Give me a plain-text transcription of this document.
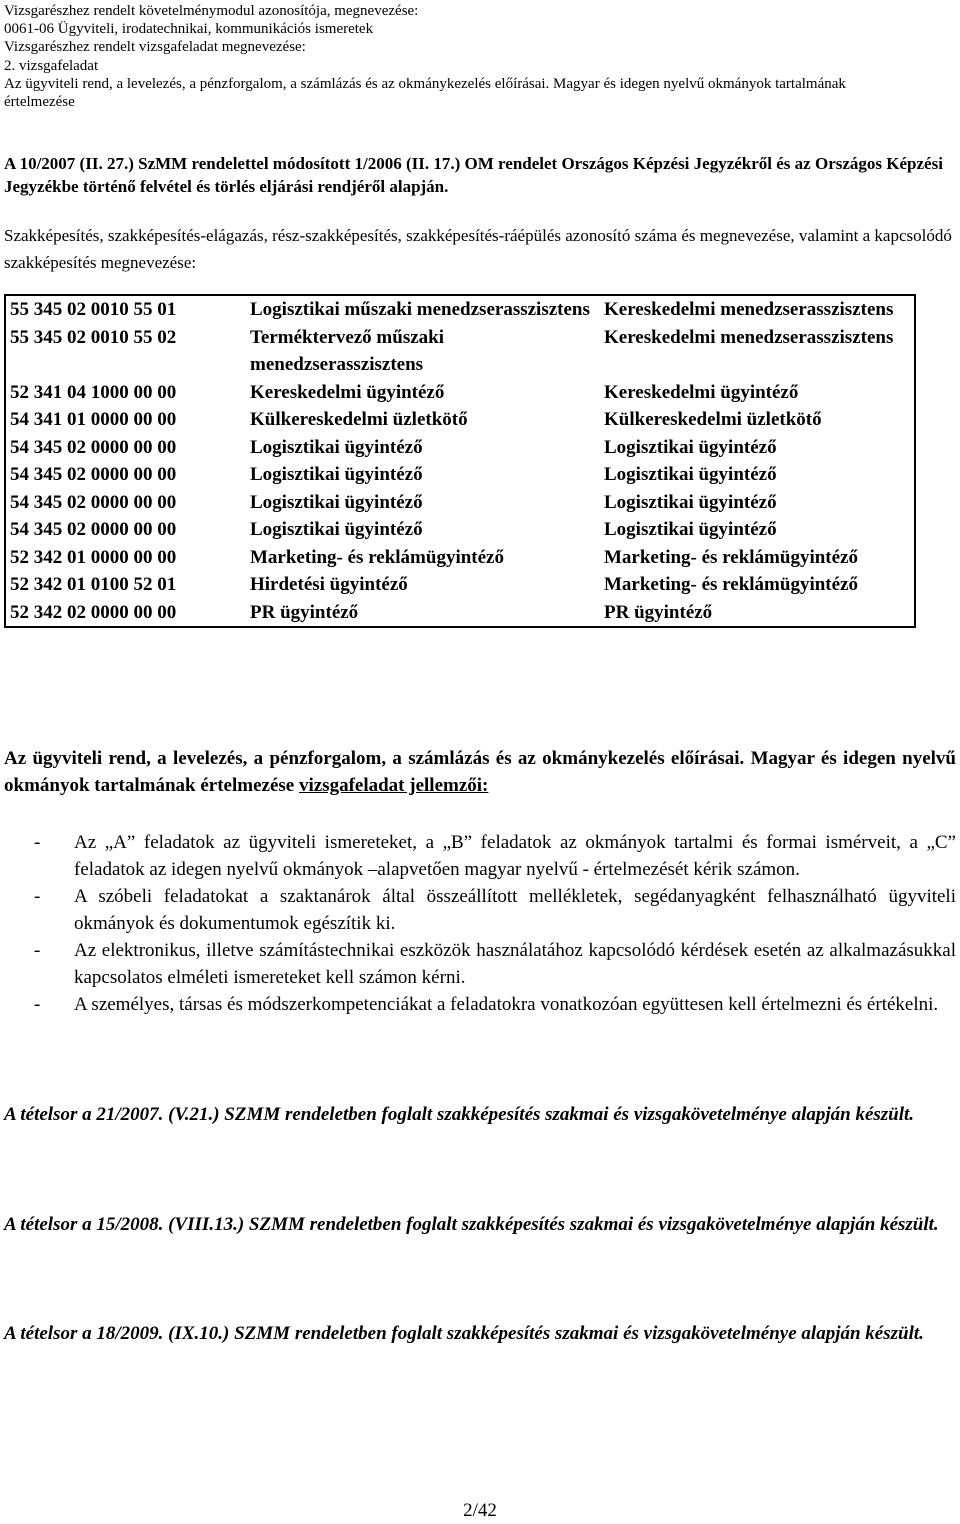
Vizsgarészhez rendelt követelménymodul azonosítója, megnevezése:
0061-06 Ügyviteli, irodatechnikai, kommunikációs ismeretek
Vizsgarészhez rendelt vizsgafeladat megnevezése:
2. vizsgafeladat
Az ügyviteli rend, a levelezés, a pénzforgalom, a számlázás és az okmánykezelés előírásai. Magyar és idegen nyelvű okmányok tartalmának
értelmezése
A 10/2007 (II. 27.) SzMM rendelettel módosított 1/2006 (II. 17.) OM rendelet Országos Képzési Jegyzékről és az Országos Képzési Jegyzékbe történő felvétel és törlés eljárási rendjéről alapján.
Szakképesítés, szakképesítés-elágazás, rész-szakképesítés, szakképesítés-ráépülés azonosító száma és megnevezése, valamint a kapcsolódó szakképesítés megnevezése:
55 345 02 0010 55 01	Logisztikai műszaki menedzserasszisztens	Kereskedelmi menedzserasszisztens
55 345 02 0010 55 02	Terméktervező műszaki menedzserasszisztens	Kereskedelmi menedzserasszisztens
52 341 04 1000 00 00	Kereskedelmi ügyintéző	Kereskedelmi ügyintéző
54 341 01 0000 00 00	Külkereskedelmi üzletkötő	Külkereskedelmi üzletkötő
54 345 02 0000 00 00	Logisztikai ügyintéző	Logisztikai ügyintéző
54 345 02 0000 00 00	Logisztikai ügyintéző	Logisztikai ügyintéző
54 345 02 0000 00 00	Logisztikai ügyintéző	Logisztikai ügyintéző
54 345 02 0000 00 00	Logisztikai ügyintéző	Logisztikai ügyintéző
52 342 01 0000 00 00	Marketing- és reklámügyintéző	Marketing- és reklámügyintéző
52 342 01 0100 52 01	Hirdetési ügyintéző	Marketing- és reklámügyintéző
52 342 02 0000 00 00	PR ügyintéző	PR ügyintéző
Az ügyviteli rend, a levelezés, a pénzforgalom, a számlázás és az okmánykezelés előírásai. Magyar és idegen nyelvű okmányok tartalmának értelmezése vizsgafeladat jellemzői:
- Az „A” feladatok az ügyviteli ismereteket, a „B” feladatok az okmányok tartalmi és formai ismérveit, a „C” feladatok az idegen nyelvű okmányok –alapvetően magyar nyelvű - értelmezését kérik számon.
- A szóbeli feladatokat a szaktanárok által összeállított mellékletek, segédanyagként felhasználható ügyviteli okmányok és dokumentumok egészítik ki.
- Az elektronikus, illetve számítástechnikai eszközök használatához kapcsolódó kérdések esetén az alkalmazásukkal kapcsolatos elméleti ismereteket kell számon kérni.
- A személyes, társas és módszerkompetenciákat a feladatokra vonatkozóan együttesen kell értelmezni és értékelni.
A tételsor a 21/2007. (V.21.) SZMM rendeletben foglalt szakképesítés szakmai és vizsgakövetelménye alapján készült.
A tételsor a 15/2008. (VIII.13.) SZMM rendeletben foglalt szakképesítés szakmai és vizsgakövetelménye alapján készült.
A tételsor a 18/2009. (IX.10.) SZMM rendeletben foglalt szakképesítés szakmai és vizsgakövetelménye alapján készült.
2/42
